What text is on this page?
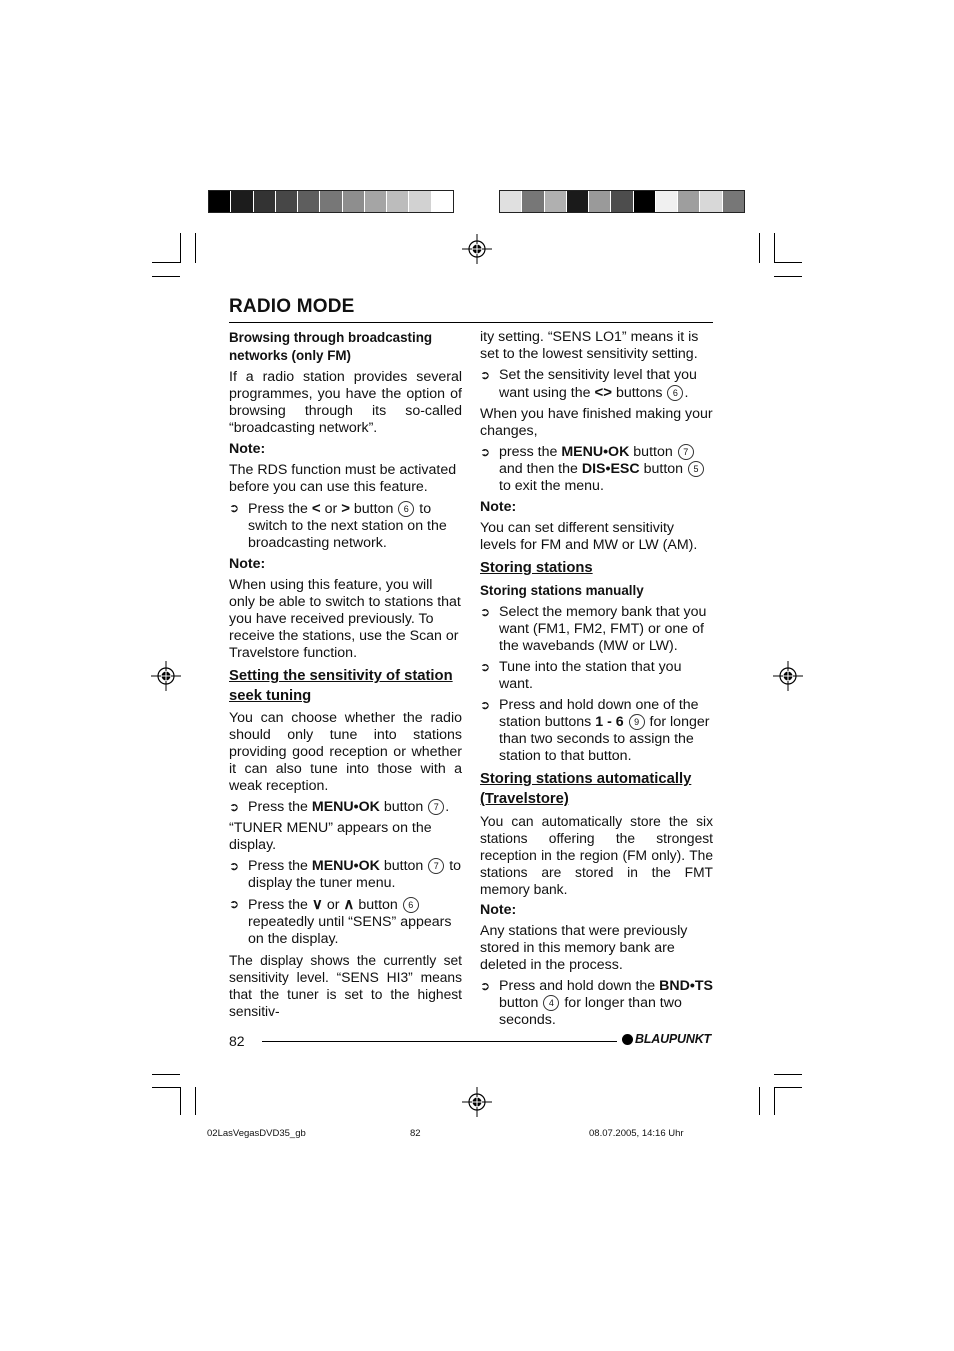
RADIO MODE

Browsing through broadcasting networks (only FM)

If a radio station provides several programmes, you have the option of browsing through its so-called “broadcasting network”.

Note:

The RDS function must be activated before you can use this feature.

➲ Press the < or > button 6 to switch to the next station on the broadcasting network.

Note:

When using this feature, you will only be able to switch to stations that you have received previously. To receive the stations, use the Scan or Travelstore function.

Setting the sensitivity of station seek tuning

You can choose whether the radio should only tune into stations providing good reception or whether it can also tune into those with a weak reception.

➲ Press the MENU•OK button 7 .

“TUNER MENU” appears on the display.

➲ Press the MENU•OK button 7 to display the tuner menu.
➲ Press the ∨ or ∧ button 6 repeatedly until “SENS” appears on the display.

The display shows the currently set sensitivity level. “SENS HI3” means that the tuner is set to the highest sensitiv-

ity setting. “SENS LO1” means it is set to the lowest sensitivity setting.

➲ Set the sensitivity level that you want using the <> buttons 6 .

When you have finished making your changes,

➲ press the MENU•OK button 7 and then the DIS•ESC button 5 to exit the menu.

Note:

You can set different sensitivity levels for FM and MW or LW (AM).

Storing stations

Storing stations manually

➲ Select the memory bank that you want (FM1, FM2, FMT) or one of the wavebands (MW or LW).
➲ Tune into the station that you want.
➲ Press and hold down one of the station buttons 1 - 6 9 for longer than two seconds to assign the station to that button.

Storing stations automatically (Travelstore)

You can automatically store the six stations offering the strongest reception in the region (FM only). The stations are stored in the FMT memory bank.

Note:

Any stations that were previously stored in this memory bank are deleted in the process.

➲ Press and hold down the BND•TS button 4 for longer than two seconds.
82	BLAUPUNKT
02LasVegasDVD35_gb	82	08.07.2005, 14:16 Uhr
